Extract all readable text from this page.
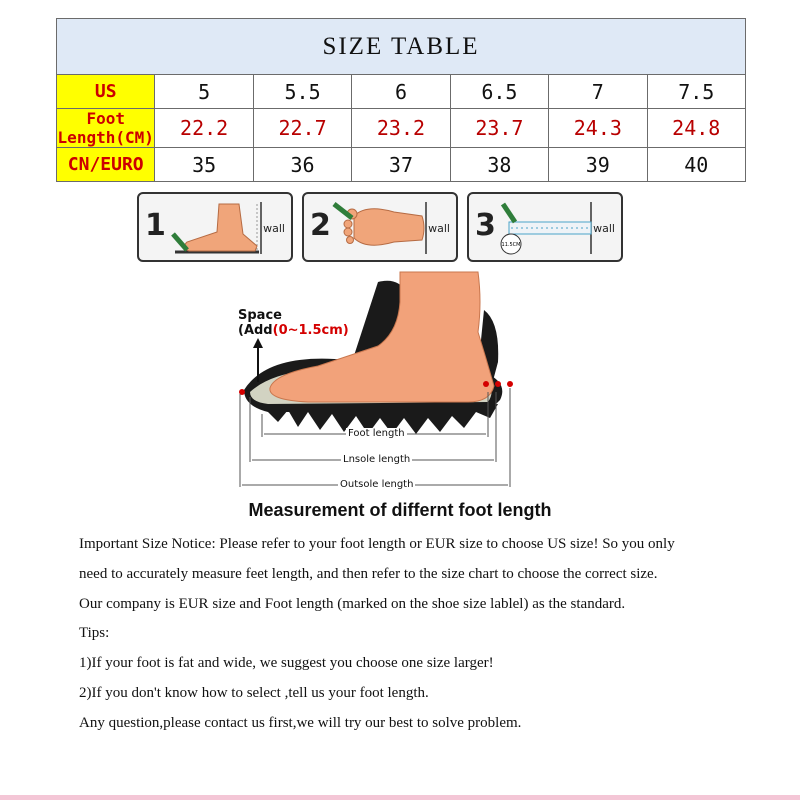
SIZE TABLE						
US	5	5.5	6	6.5	7	7.5
Foot Length(CM)	22.2	22.7	23.2	23.7	24.3	24.8
CN/EURO	35	36	37	38	39	40
1	wall 2	wall 3
11.5CM
wall
Space
(Add(0~1.5cm)
Foot length
Lnsole length
Outsole length
Measurement of differnt foot length

Important Size Notice: Please refer to your foot length or EUR size to choose US size! So you only

need to accurately measure feet length, and then refer to the size chart to choose the correct size.

Our company is EUR size and Foot length (marked on the shoe size lablel) as the standard.

Tips:

1)If your foot is fat and wide, we suggest you choose one size larger!

2)If you don't know how to select ,tell us your foot length.

Any question,please contact us first,we will try our best to solve problem.
